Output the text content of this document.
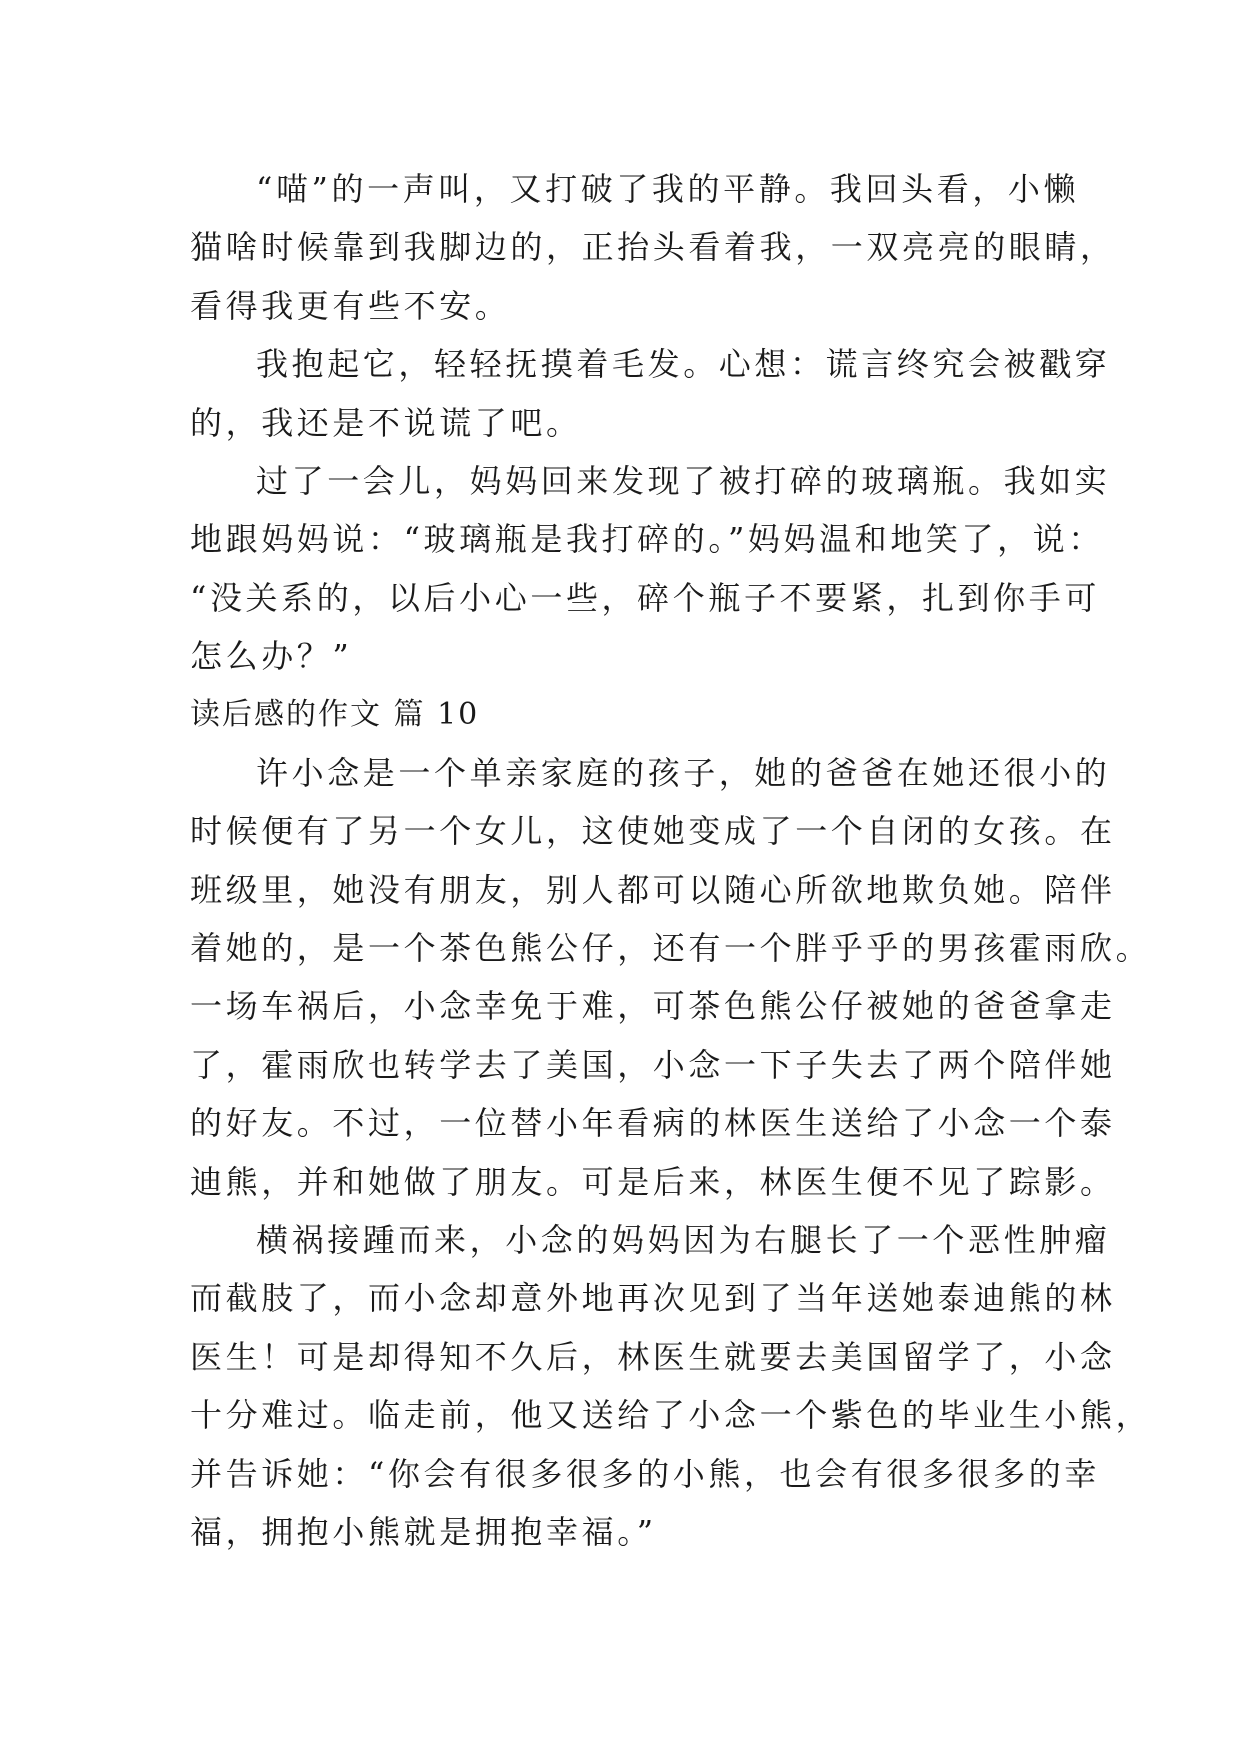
“喵”的一声叫，又打破了我的平静。我回头看，小懒
猫啥时候靠到我脚边的，正抬头看着我，一双亮亮的眼睛，
看得我更有些不安。
我抱起它，轻轻抚摸着毛发。心想：谎言终究会被戳穿
的，我还是不说谎了吧。
过了一会儿，妈妈回来发现了被打碎的玻璃瓶。我如实
地跟妈妈说：“玻璃瓶是我打碎的。”妈妈温和地笑了，说：
“没关系的，以后小心一些，碎个瓶子不要紧，扎到你手可
怎么办？”
读后感的作文 篇 10
许小念是一个单亲家庭的孩子，她的爸爸在她还很小的
时候便有了另一个女儿，这使她变成了一个自闭的女孩。在
班级里，她没有朋友，别人都可以随心所欲地欺负她。陪伴
着她的，是一个茶色熊公仔，还有一个胖乎乎的男孩霍雨欣。
一场车祸后，小念幸免于难，可茶色熊公仔被她的爸爸拿走
了，霍雨欣也转学去了美国，小念一下子失去了两个陪伴她
的好友。不过，一位替小年看病的林医生送给了小念一个泰
迪熊，并和她做了朋友。可是后来，林医生便不见了踪影。
横祸接踵而来，小念的妈妈因为右腿长了一个恶性肿瘤
而截肢了，而小念却意外地再次见到了当年送她泰迪熊的林
医生！可是却得知不久后，林医生就要去美国留学了，小念
十分难过。临走前，他又送给了小念一个紫色的毕业生小熊，
并告诉她：“你会有很多很多的小熊，也会有很多很多的幸
福，拥抱小熊就是拥抱幸福。”
